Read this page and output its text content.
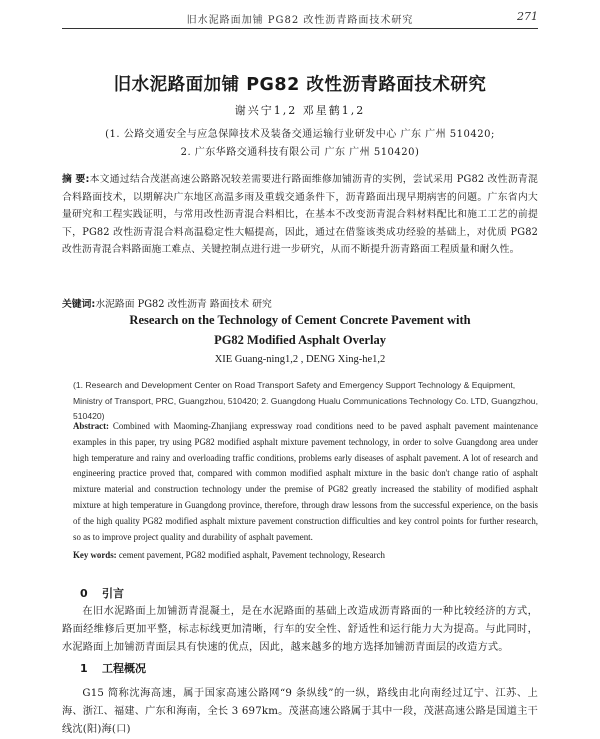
旧水泥路面加铺 PG82 改性沥青路面技术研究	271
旧水泥路面加铺 PG82 改性沥青路面技术研究
谢兴宁1,2 邓星鹤1,2
(1. 公路交通安全与应急保障技术及装备交通运输行业研发中心 广东 广州 510420;
2. 广东华路交通科技有限公司 广东 广州 510420)
摘 要:本文通过结合茂湛高速公路路况较差需要进行路面维修加铺沥青的实例，尝试采用 PG82 改性沥青混合料路面技术，以期解决广东地区高温多雨及重载交通条件下，沥青路面出现早期病害的问题。广东省内大量研究和工程实践证明，与常用改性沥青混合料相比，在基本不改变沥青混合料材料配比和施工工艺的前提下，PG82 改性沥青混合料高温稳定性大幅提高，因此，通过在借鉴该类成功经验的基础上，对优质 PG82 改性沥青混合料路面施工难点、关键控制点进行进一步研究，从而不断提升沥青路面工程质量和耐久性。
关键词:水泥路面 PG82 改性沥青 路面技术 研究
Research on the Technology of Cement Concrete Pavement with
PG82 Modified Asphalt Overlay
XIE Guang-ning1,2 , DENG Xing-he1,2
(1. Research and Development Center on Road Transport Safety and Emergency Support Technology & Equipment, Ministry of Transport, PRC, Guangzhou, 510420; 2. Guangdong Hualu Communications Technology Co. LTD, Guangzhou, 510420)
Abstract: Combined with Maoming-Zhanjiang expressway road conditions need to be paved asphalt pavement maintenance examples in this paper, try using PG82 modified asphalt mixture pavement technology, in order to solve Guangdong area under high temperature and rainy and overloading traffic conditions, problems early diseases of asphalt pavement. A lot of research and engineering practice proved that, compared with common modified asphalt mixture in the basic don't change ratio of asphalt mixture material and construction technology under the premise of PG82 greatly increased the stability of modified asphalt mixture at high temperature in Guangdong province, therefore, through draw lessons from the successful experience, on the basis of the high quality PG82 modified asphalt mixture pavement construction difficulties and key control points for further research, so as to improve project quality and durability of asphalt pavement.
Key words: cement pavement, PG82 modified asphalt, Pavement technology, Research
0 引言
在旧水泥路面上加铺沥青混凝土，是在水泥路面的基础上改造成沥青路面的一种比较经济的方式，路面经维修后更加平整，标志标线更加清晰，行车的安全性、舒适性和运行能力大为提高。与此同时，水泥路面上加铺沥青面层具有快速的优点，因此，越来越多的地方选择加铺沥青面层的改造方式。
1 工程概况
G15 简称沈海高速，属于国家高速公路网“9 条纵线”的一纵，路线由北向南经过辽宁、江苏、上海、浙江、福建、广东和海南，全长 3 697km。茂湛高速公路属于其中一段，茂湛高速公路是国道主干线沈(阳)海(口)
